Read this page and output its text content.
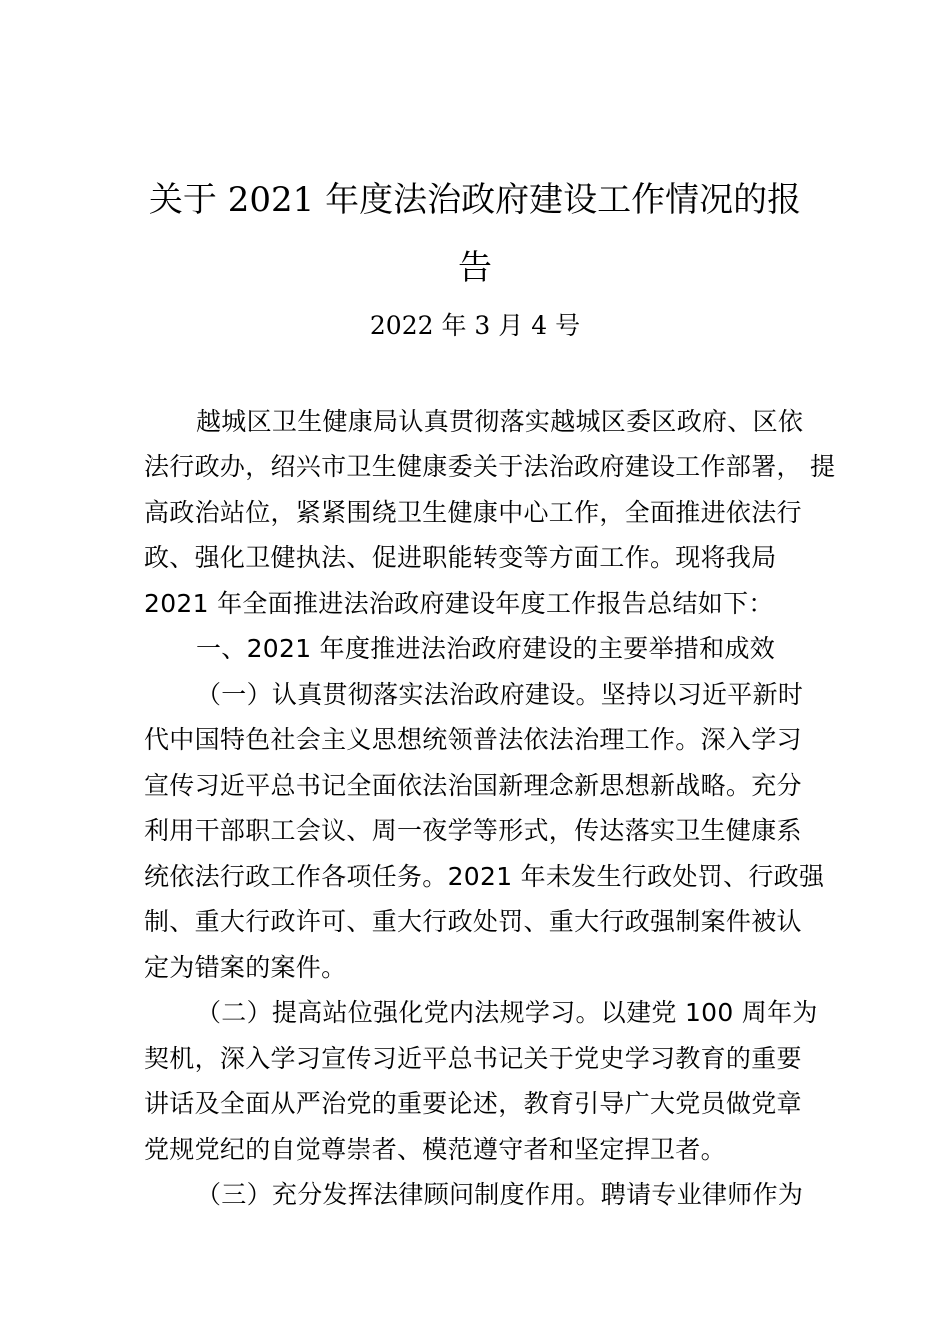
关于 2021 年度法治政府建设工作情况的报
告
2022 年 3 月 4 号
越城区卫生健康局认真贯彻落实越城区委区政府、区依
法行政办，绍兴市卫生健康委关于法治政府建设工作部署， 提
高政治站位，紧紧围绕卫生健康中心工作，全面推进依法行
政、强化卫健执法、促进职能转变等方面工作。现将我局
2021 年全面推进法治政府建设年度工作报告总结如下：
一、2021 年度推进法治政府建设的主要举措和成效
（一）认真贯彻落实法治政府建设。坚持以习近平新时
代中国特色社会主义思想统领普法依法治理工作。深入学习
宣传习近平总书记全面依法治国新理念新思想新战略。充分
利用干部职工会议、周一夜学等形式，传达落实卫生健康系
统依法行政工作各项任务。2021 年未发生行政处罚、行政强
制、重大行政许可、重大行政处罚、重大行政强制案件被认
定为错案的案件。
（二）提高站位强化党内法规学习。以建党 100 周年为
契机，深入学习宣传习近平总书记关于党史学习教育的重要
讲话及全面从严治党的重要论述，教育引导广大党员做党章
党规党纪的自觉尊崇者、模范遵守者和坚定捍卫者。
（三）充分发挥法律顾问制度作用。聘请专业律师作为
